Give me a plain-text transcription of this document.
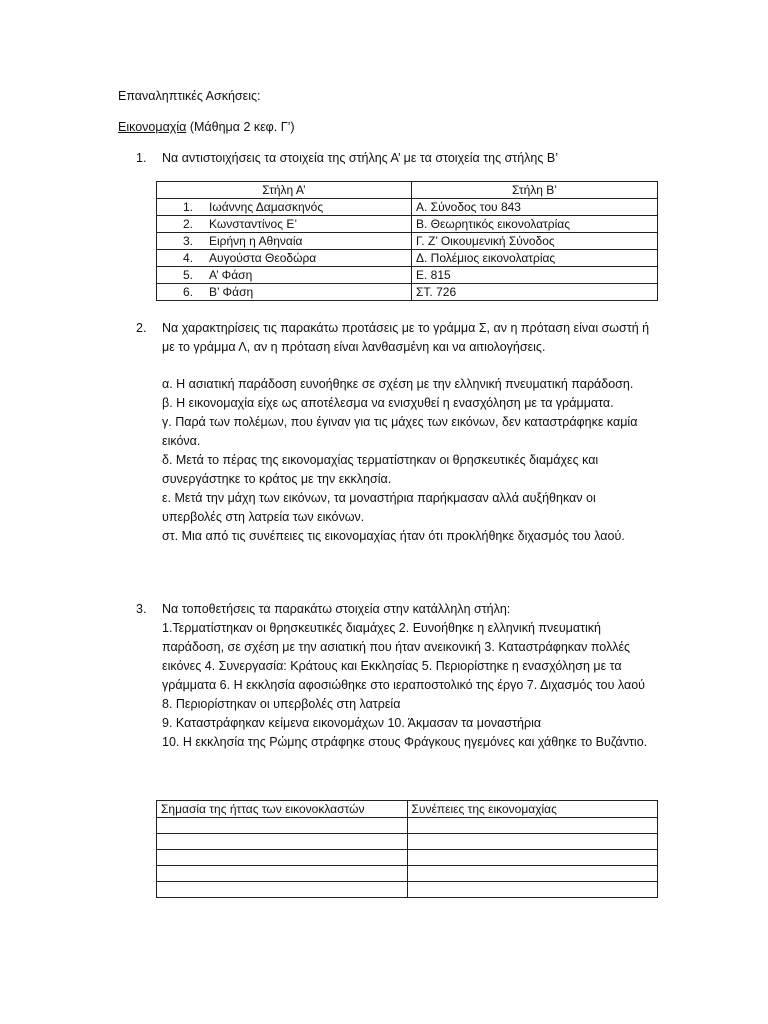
Επαναληπτικές Ασκήσεις:
Εικονομαχία (Μάθημα 2 κεφ. Γ’)
1. Να αντιστοιχήσεις τα στοιχεία της στήλης Α’ με τα στοιχεία της στήλης Β’
Στήλη Α’	Στήλη Β’
1. Ιωάννης Δαμασκηνός	Α. Σύνοδος του 843
2. Κωνσταντίνος Ε’	Β. Θεωρητικός εικονολατρίας
3. Ειρήνη η Αθηναία	Γ. Ζ’ Οικουμενική Σύνοδος
4. Αυγούστα Θεοδώρα	Δ. Πολέμιος εικονολατρίας
5. Α’ Φάση	Ε. 815
6. Β’ Φάση	ΣΤ. 726
2. Να χαρακτηρίσεις τις παρακάτω προτάσεις με το γράμμα Σ, αν η πρόταση είναι σωστή ή με το γράμμα Λ, αν η πρόταση είναι λανθασμένη και να αιτιολογήσεις.

α. Η ασιατική παράδοση ευνοήθηκε σε σχέση με την ελληνική πνευματική παράδοση.

β. Η εικονομαχία είχε ως αποτέλεσμα να ενισχυθεί η ενασχόληση με τα γράμματα.

γ. Παρά των πολέμων, που έγιναν για τις μάχες των εικόνων, δεν καταστράφηκε καμία εικόνα.

δ. Μετά το πέρας της εικονομαχίας τερματίστηκαν οι θρησκευτικές διαμάχες και συνεργάστηκε το κράτος με την εκκλησία.

ε. Μετά την μάχη των εικόνων, τα μοναστήρια παρήκμασαν αλλά αυξήθηκαν οι υπερβολές στη λατρεία των εικόνων.

στ. Μια από τις συνέπειες τις εικονομαχίας ήταν ότι προκλήθηκε διχασμός του λαού.

3. Να τοποθετήσεις τα παρακάτω στοιχεία στην κατάλληλη στήλη:
1.Τερματίστηκαν οι θρησκευτικές διαμάχες 2. Ευνοήθηκε η ελληνική πνευματική παράδοση, σε σχέση με την ασιατική που ήταν ανεικονική 3. Καταστράφηκαν πολλές εικόνες 4. Συνεργασία: Κράτους και Εκκλησίας 5. Περιορίστηκε η ενασχόληση με τα γράμματα 6. Η εκκλησία αφοσιώθηκε στο ιεραποστολικό της έργο 7. Διχασμός του λαού 8. Περιορίστηκαν οι υπερβολές στη λατρεία
9. Καταστράφηκαν κείμενα εικονομάχων 10. Άκμασαν τα μοναστήρια
10. Η εκκλησία της Ρώμης στράφηκε στους Φράγκους ηγεμόνες και χάθηκε το Βυζάντιο.
Σημασία της ήττας των εικονοκλαστών	Συνέπειες της εικονομαχίας
